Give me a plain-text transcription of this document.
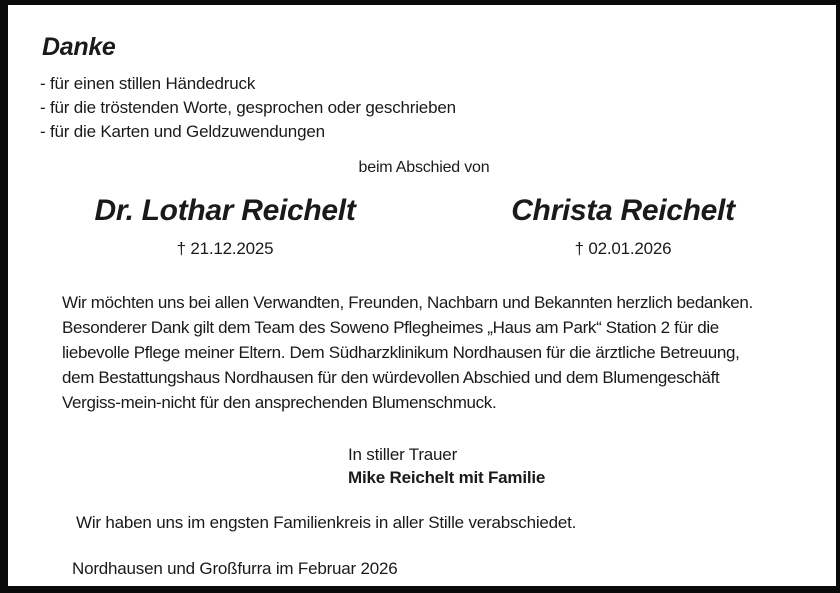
Danke
- für einen stillen Händedruck
- für die tröstenden Worte, gesprochen oder geschrieben
- für die Karten und Geldzuwendungen
beim Abschied von
Dr. Lothar Reichelt
† 21.12.2025
Christa Reichelt
† 02.01.2026
Wir möchten uns bei allen Verwandten, Freunden, Nachbarn und Bekannten herzlich bedanken.
Besonderer Dank gilt dem Team des Soweno Pflegheimes „Haus am Park“ Station 2 für die
liebevolle Pflege meiner Eltern. Dem Südharzklinikum Nordhausen für die ärztliche Betreuung,
dem Bestattungshaus Nordhausen für den würdevollen Abschied und dem Blumengeschäft
Vergiss-mein-nicht für den ansprechenden Blumenschmuck.
In stiller Trauer
Mike Reichelt mit Familie
Wir haben uns im engsten Familienkreis in aller Stille verabschiedet.
Nordhausen und Großfurra im Februar 2026
